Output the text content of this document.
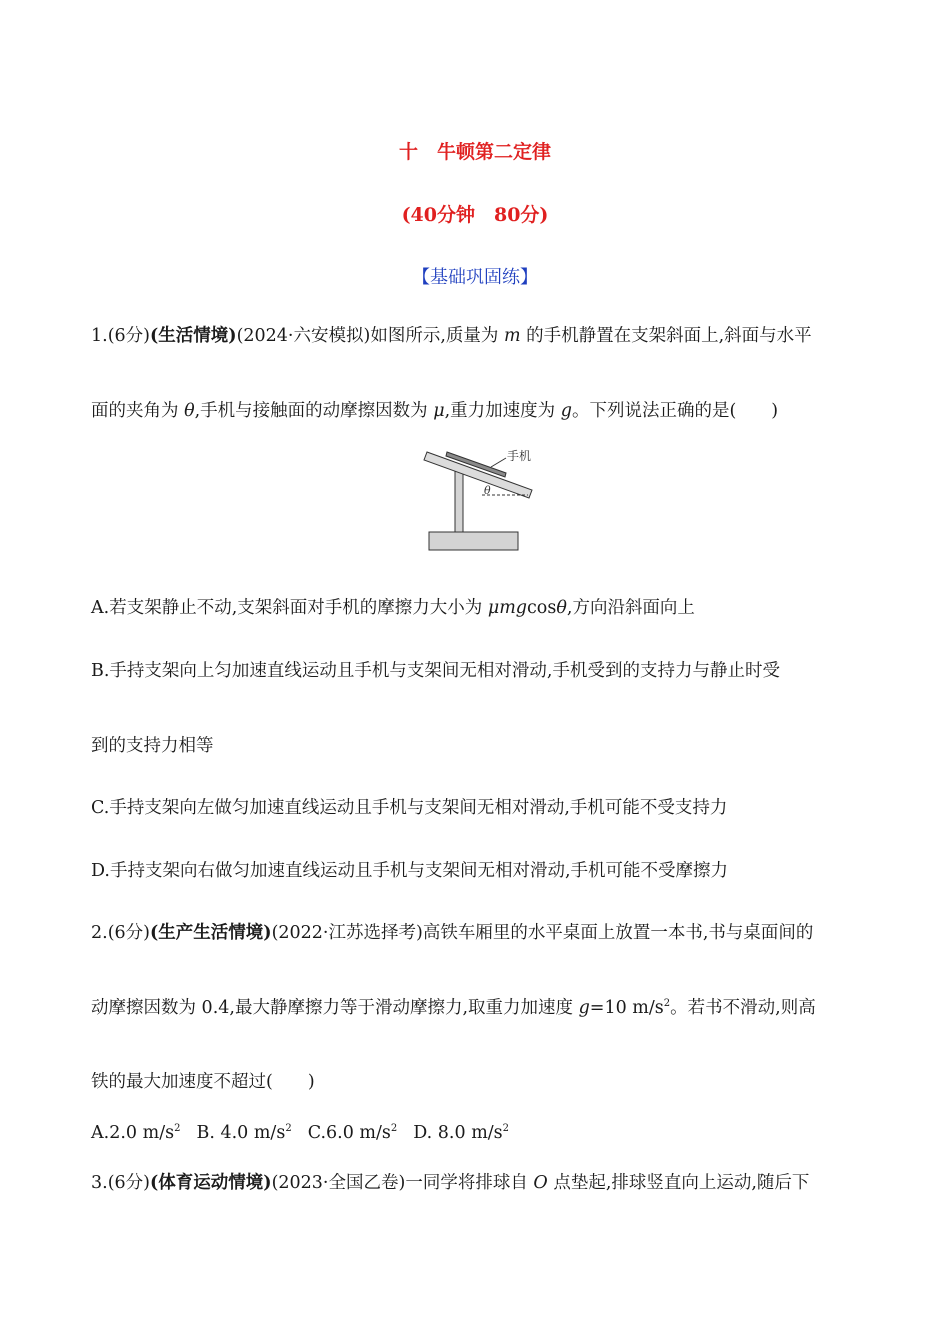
十　牛顿第二定律
(40分钟　80分)
【基础巩固练】
1.(6分)(生活情境)(2024·六安模拟)如图所示,质量为 m 的手机静置在支架斜面上,斜面与水平
面的夹角为 θ,手机与接触面的动摩擦因数为 μ,重力加速度为 g。下列说法正确的是(　　)
手机
θ
A.若支架静止不动,支架斜面对手机的摩擦力大小为 μmgcosθ,方向沿斜面向上
B.手持支架向上匀加速直线运动且手机与支架间无相对滑动,手机受到的支持力与静止时受
到的支持力相等
C.手持支架向左做匀加速直线运动且手机与支架间无相对滑动,手机可能不受支持力
D.手持支架向右做匀加速直线运动且手机与支架间无相对滑动,手机可能不受摩擦力
2.(6分)(生产生活情境)(2022·江苏选择考)高铁车厢里的水平桌面上放置一本书,书与桌面间的
动摩擦因数为 0.4,最大静摩擦力等于滑动摩擦力,取重力加速度 g=10 $m/s^2$。若书不滑动,则高
铁的最大加速度不超过(　　)
A.2.0 $m/s^2$ B. 4.0 $m/s^2$ C.6.0 $m/s^2$ D. 8.0 $m/s^2$
3.(6分)(体育运动情境)(2023·全国乙卷)一同学将排球自 O 点垫起,排球竖直向上运动,随后下
